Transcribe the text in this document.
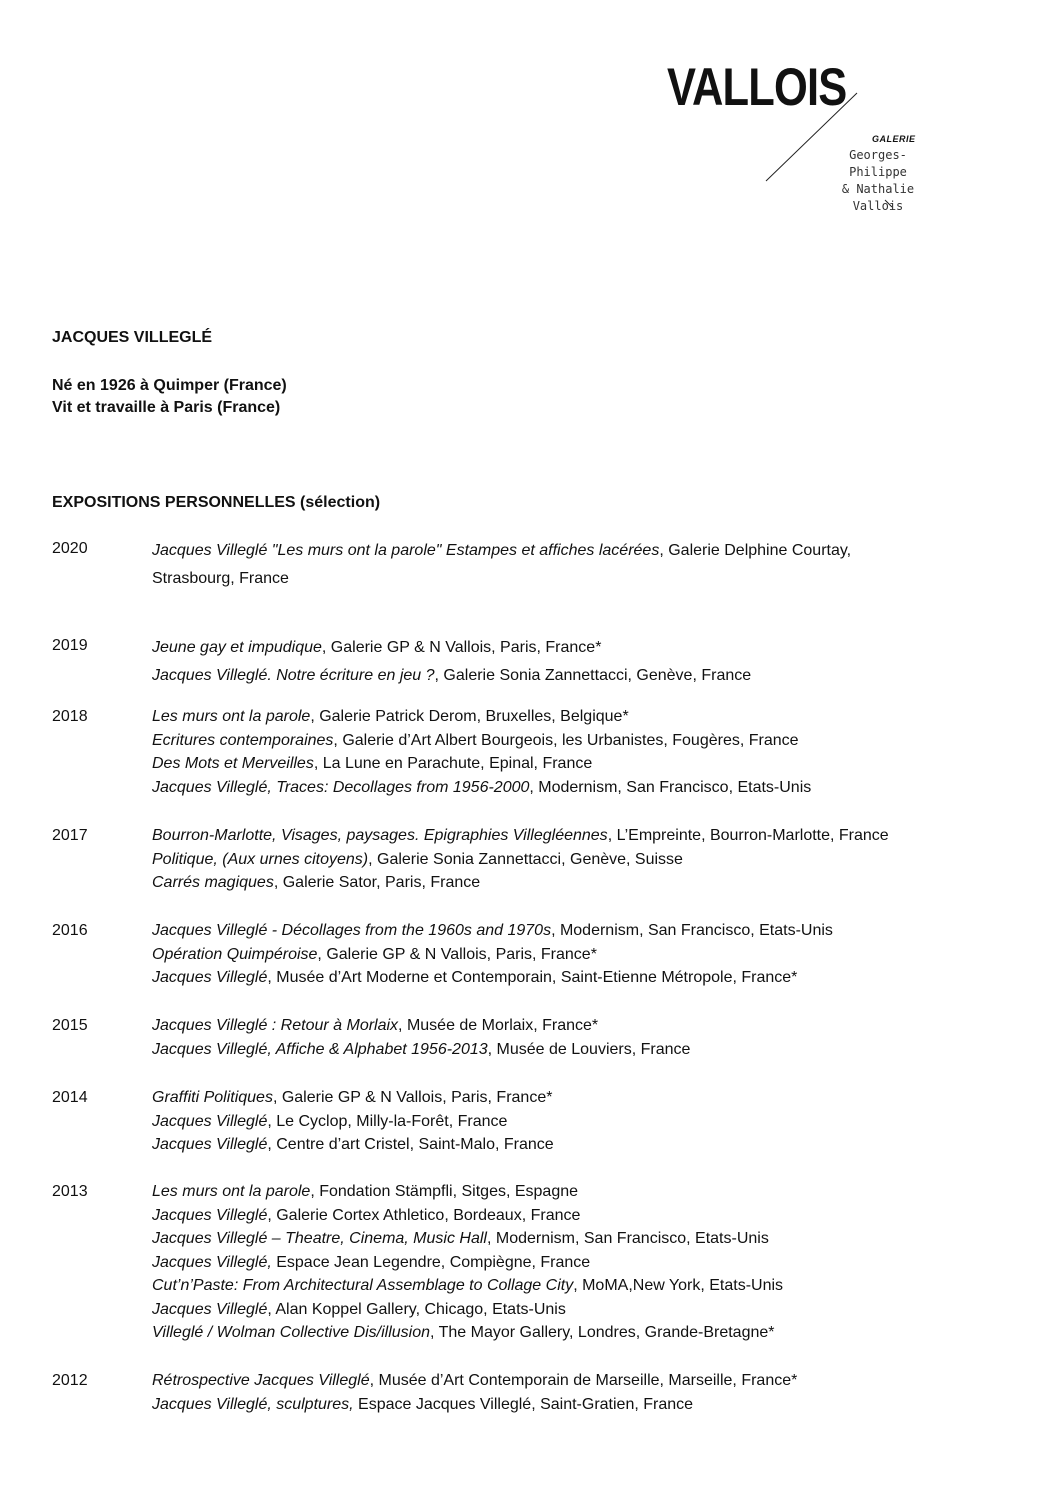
VALLOIS
GALERIE
Georges-Philippe
& Nathalie
Vallois
JACQUES VILLEGLÉ
Né en 1926 à Quimper (France)
Vit et travaille à Paris (France)
EXPOSITIONS PERSONNELLES (sélection)
2020	Jacques Villeglé "Les murs ont la parole" Estampes et affiches lacérées, Galerie Delphine Courtay,
Strasbourg, France
2019	Jeune gay et impudique, Galerie GP & N Vallois, Paris, France*
Jacques Villeglé. Notre écriture en jeu ?, Galerie Sonia Zannettacci, Genève, France
2018	Les murs ont la parole, Galerie Patrick Derom, Bruxelles, Belgique*
Ecritures contemporaines, Galerie d’Art Albert Bourgeois, les Urbanistes, Fougères, France
Des Mots et Merveilles, La Lune en Parachute, Epinal, France
Jacques Villeglé, Traces: Decollages from 1956-2000, Modernism, San Francisco, Etats-Unis
2017	Bourron-Marlotte, Visages, paysages. Epigraphies Villegléennes, L’Empreinte, Bourron-Marlotte, France
Politique, (Aux urnes citoyens), Galerie Sonia Zannettacci, Genève, Suisse
Carrés magiques, Galerie Sator, Paris, France
2016	Jacques Villeglé - Décollages from the 1960s and 1970s, Modernism, San Francisco, Etats-Unis
Opération Quimpéroise, Galerie GP & N Vallois, Paris, France*
Jacques Villeglé, Musée d’Art Moderne et Contemporain, Saint-Etienne Métropole, France*
2015	Jacques Villeglé : Retour à Morlaix, Musée de Morlaix, France*
Jacques Villeglé, Affiche & Alphabet 1956-2013, Musée de Louviers, France
2014	Graffiti Politiques, Galerie GP & N Vallois, Paris, France*
Jacques Villeglé, Le Cyclop, Milly-la-Forêt, France
Jacques Villeglé, Centre d’art Cristel, Saint-Malo, France
2013	Les murs ont la parole, Fondation Stämpfli, Sitges, Espagne
Jacques Villeglé, Galerie Cortex Athletico, Bordeaux, France
Jacques Villeglé – Theatre, Cinema, Music Hall, Modernism, San Francisco, Etats-Unis
Jacques Villeglé, Espace Jean Legendre, Compiègne, France
Cut’n’Paste: From Architectural Assemblage to Collage City, MoMA,New York, Etats-Unis
Jacques Villeglé, Alan Koppel Gallery, Chicago, Etats-Unis
Villeglé / Wolman Collective Dis/illusion, The Mayor Gallery, Londres, Grande-Bretagne*
2012	Rétrospective Jacques Villeglé, Musée d’Art Contemporain de Marseille, Marseille, France*
Jacques Villeglé, sculptures, Espace Jacques Villeglé, Saint-Gratien, France
